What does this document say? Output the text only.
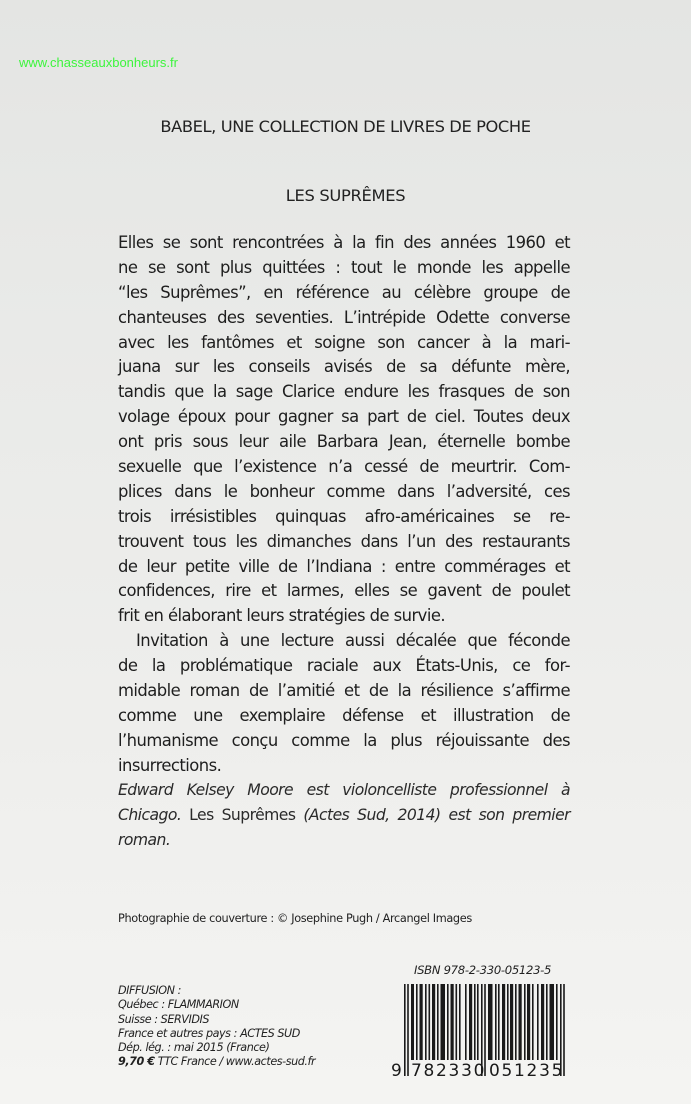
www.chasseauxbonheurs.fr
BABEL, UNE COLLECTION DE LIVRES DE POCHE
LES SUPRÊMES

Elles se sont rencontrées à la fin des années 1960 et
ne se sont plus quittées : tout le monde les appelle
“les Suprêmes”, en référence au célèbre groupe de
chanteuses des seventies. L’intrépide Odette converse
avec les fantômes et soigne son cancer à la mari-
juana sur les conseils avisés de sa défunte mère,
tandis que la sage Clarice endure les frasques de son
volage époux pour gagner sa part de ciel. Toutes deux
ont pris sous leur aile Barbara Jean, éternelle bombe
sexuelle que l’existence n’a cessé de meurtrir. Com-
plices dans le bonheur comme dans l’adversité, ces
trois irrésistibles quinquas afro-américaines se re-
trouvent tous les dimanches dans l’un des restaurants
de leur petite ville de l’Indiana : entre commérages et
confidences, rire et larmes, elles se gavent de poulet
frit en élaborant leurs stratégies de survie.

Invitation à une lecture aussi décalée que féconde
de la problématique raciale aux États-Unis, ce for-
midable roman de l’amitié et de la résilience s’affirme
comme une exemplaire défense et illustration de
l’humanisme conçu comme la plus réjouissante des
insurrections.

Edward Kelsey Moore est violoncelliste professionnel à
Chicago. Les Suprêmes (Actes Sud, 2014) est son premier
roman.
Photographie de couverture : © Josephine Pugh / Arcangel Images
DIFFUSION :
Québec : FLAMMARION
Suisse : SERVIDIS
France et autres pays : ACTES SUD
Dép. lég. : mai 2015 (France)
9,70 € TTC France / www.actes-sud.fr
ISBN 978-2-330-05123-5
9 782330 051235
